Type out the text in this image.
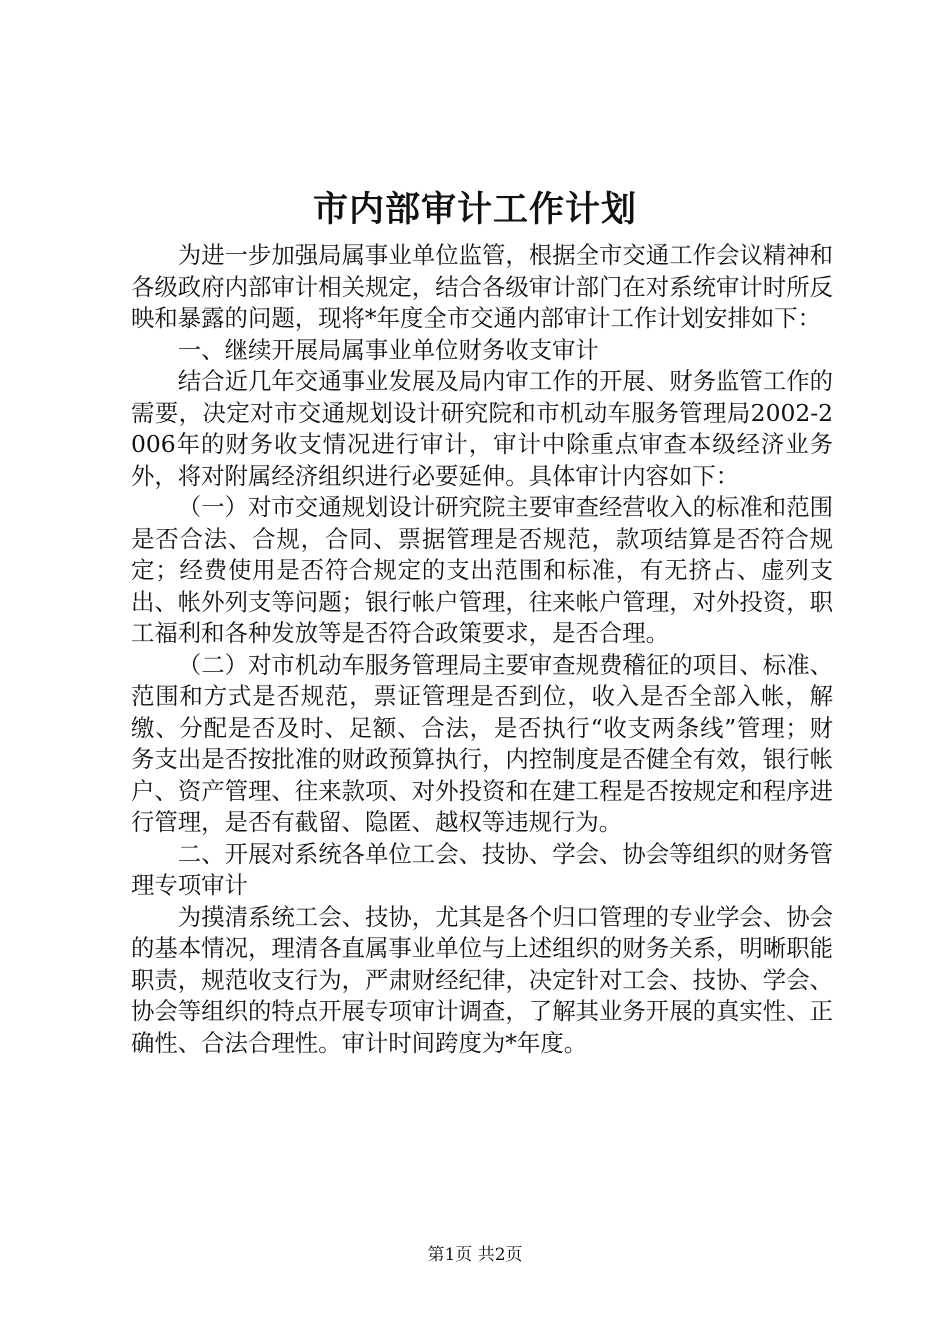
市内部审计工作计划

为进一步加强局属事业单位监管，根据全市交通工作会议精神和各级政府内部审计相关规定，结合各级审计部门在对系统审计时所反映和暴露的问题，现将*年度全市交通内部审计工作计划安排如下：

一、继续开展局属事业单位财务收支审计

结合近几年交通事业发展及局内审工作的开展、财务监管工作的需要，决定对市交通规划设计研究院和市机动车服务管理局2002-2006年的财务收支情况进行审计，审计中除重点审查本级经济业务外，将对附属经济组织进行必要延伸。具体审计内容如下：

（一）对市交通规划设计研究院主要审查经营收入的标准和范围是否合法、合规，合同、票据管理是否规范，款项结算是否符合规定；经费使用是否符合规定的支出范围和标准，有无挤占、虚列支出、帐外列支等问题；银行帐户管理，往来帐户管理，对外投资，职工福利和各种发放等是否符合政策要求，是否合理。

（二）对市机动车服务管理局主要审查规费稽征的项目、标准、范围和方式是否规范，票证管理是否到位，收入是否全部入帐，解缴、分配是否及时、足额、合法，是否执行“收支两条线”管理；财务支出是否按批准的财政预算执行，内控制度是否健全有效，银行帐户、资产管理、往来款项、对外投资和在建工程是否按规定和程序进行管理，是否有截留、隐匿、越权等违规行为。

二、开展对系统各单位工会、技协、学会、协会等组织的财务管理专项审计

为摸清系统工会、技协，尤其是各个归口管理的专业学会、协会的基本情况，理清各直属事业单位与上述组织的财务关系，明晰职能职责，规范收支行为，严肃财经纪律，决定针对工会、技协、学会、协会等组织的特点开展专项审计调查，了解其业务开展的真实性、正确性、合法合理性。审计时间跨度为*年度。

第1页 共2页
